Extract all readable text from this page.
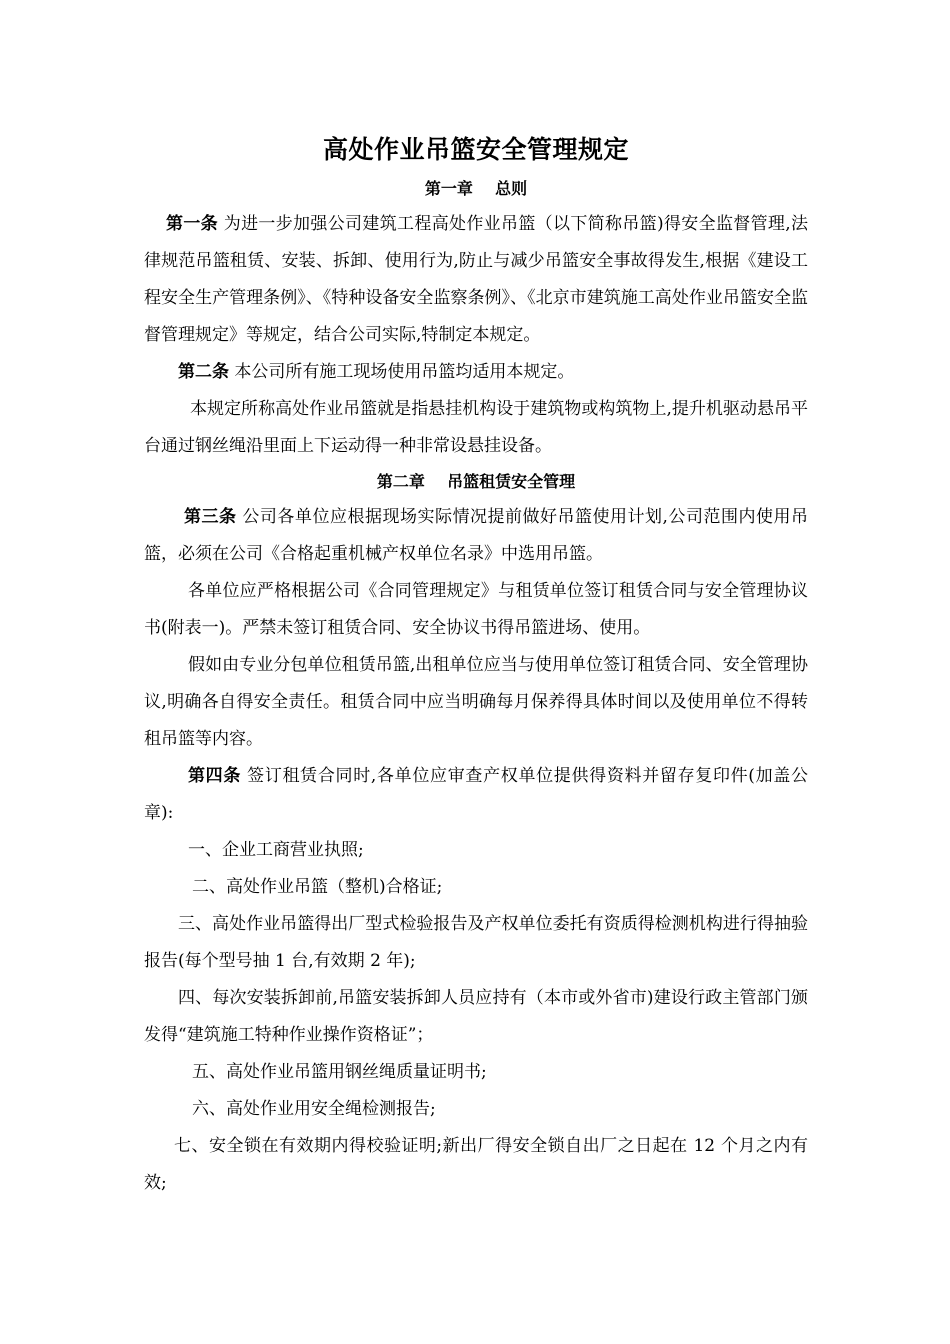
高处作业吊篮安全管理规定
第一章    总则

第一条 为进一步加强公司建筑工程高处作业吊篮（以下简称吊篮)得安全监督管理,法律规范吊篮租赁、安装、拆卸、使用行为,防止与减少吊篮安全事故得发生,根据《建设工程安全生产管理条例》、《特种设备安全监察条例》、《北京市建筑施工高处作业吊篮安全监督管理规定》等规定，结合公司实际,特制定本规定。

第二条 本公司所有施工现场使用吊篮均适用本规定。

本规定所称高处作业吊篮就是指悬挂机构设于建筑物或构筑物上,提升机驱动悬吊平台通过钢丝绳沿里面上下运动得一种非常设悬挂设备。

第二章    吊篮租赁安全管理

第三条 公司各单位应根据现场实际情况提前做好吊篮使用计划,公司范围内使用吊篮，必须在公司《合格起重机械产权单位名录》中选用吊篮。

各单位应严格根据公司《合同管理规定》与租赁单位签订租赁合同与安全管理协议书(附表一)。严禁未签订租赁合同、安全协议书得吊篮进场、使用。

假如由专业分包单位租赁吊篮,出租单位应当与使用单位签订租赁合同、安全管理协议,明确各自得安全责任。租赁合同中应当明确每月保养得具体时间以及使用单位不得转租吊篮等内容。

第四条 签订租赁合同时,各单位应审查产权单位提供得资料并留存复印件(加盖公章):

一、企业工商营业执照;

二、高处作业吊篮（整机)合格证;

三、高处作业吊篮得出厂型式检验报告及产权单位委托有资质得检测机构进行得抽验报告(每个型号抽 1 台,有效期 2 年);

四、每次安装拆卸前,吊篮安装拆卸人员应持有（本市或外省市)建设行政主管部门颁发得“建筑施工特种作业操作资格证”；

五、高处作业吊篮用钢丝绳质量证明书;

六、高处作业用安全绳检测报告;

七、安全锁在有效期内得校验证明;新出厂得安全锁自出厂之日起在 12 个月之内有效;
